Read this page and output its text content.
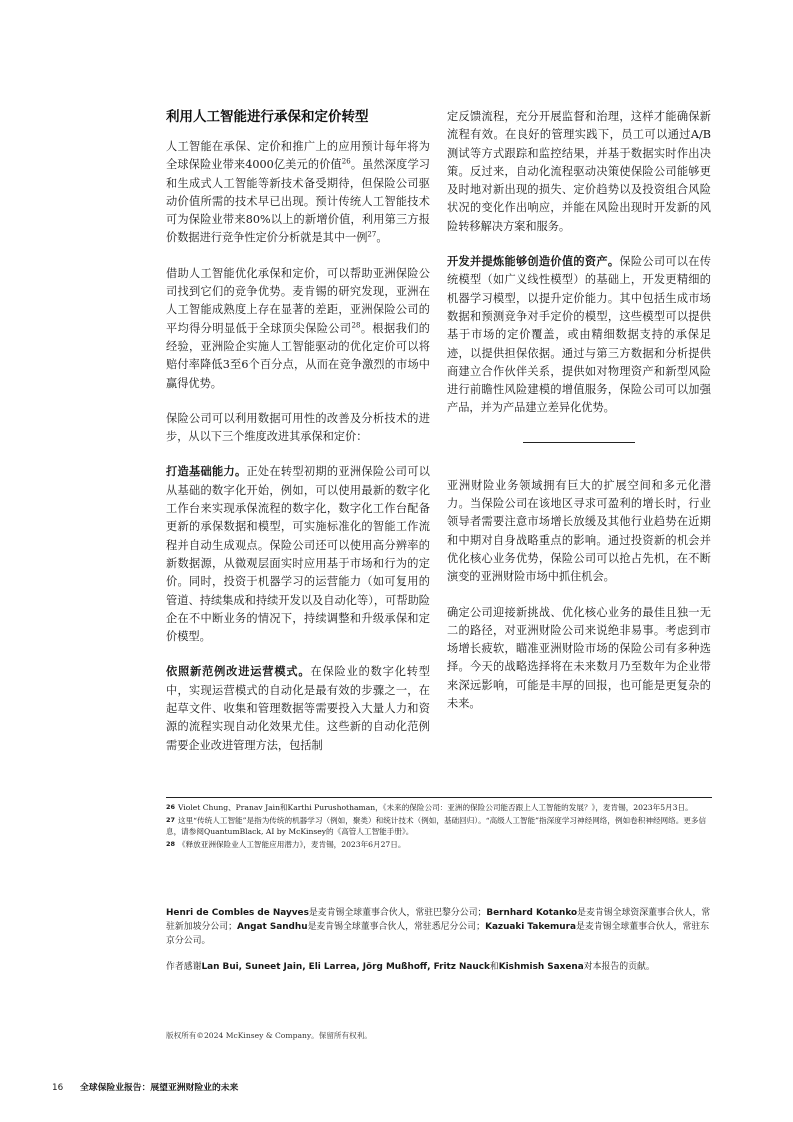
利用人工智能进行承保和定价转型

人工智能在承保、定价和推广上的应用预计每年将为全球保险业带来4000亿美元的价值$^{26}$。虽然深度学习和生成式人工智能等新技术备受期待，但保险公司驱动价值所需的技术早已出现。预计传统人工智能技术可为保险业带来80%以上的新增价值，利用第三方报价数据进行竞争性定价分析就是其中一例$^{27}$。

借助人工智能优化承保和定价，可以帮助亚洲保险公司找到它们的竞争优势。麦肯锡的研究发现，亚洲在人工智能成熟度上存在显著的差距，亚洲保险公司的平均得分明显低于全球顶尖保险公司$^{28}$。根据我们的经验，亚洲险企实施人工智能驱动的优化定价可以将赔付率降低3至6个百分点，从而在竞争激烈的市场中赢得优势。

保险公司可以利用数据可用性的改善及分析技术的进步，从以下三个维度改进其承保和定价：

打造基础能力。正处在转型初期的亚洲保险公司可以从基础的数字化开始，例如，可以使用最新的数字化工作台来实现承保流程的数字化，数字化工作台配备更新的承保数据和模型，可实施标准化的智能工作流程并自动生成观点。保险公司还可以使用高分辨率的新数据源，从微观层面实时应用基于市场和行为的定价。同时，投资于机器学习的运营能力（如可复用的管道、持续集成和持续开发以及自动化等），可帮助险企在不中断业务的情况下，持续调整和升级承保和定价模型。

依照新范例改进运营模式。在保险业的数字化转型中，实现运营模式的自动化是最有效的步骤之一，在起草文件、收集和管理数据等需要投入大量人力和资源的流程实现自动化效果尤佳。这些新的自动化范例需要企业改进管理方法，包括制

定反馈流程，充分开展监督和治理，这样才能确保新流程有效。在良好的管理实践下，员工可以通过A/B测试等方式跟踪和监控结果，并基于数据实时作出决策。反过来，自动化流程驱动决策使保险公司能够更及时地对新出现的损失、定价趋势以及投资组合风险状况的变化作出响应，并能在风险出现时开发新的风险转移解决方案和服务。

开发并提炼能够创造价值的资产。保险公司可以在传统模型（如广义线性模型）的基础上，开发更精细的机器学习模型，以提升定价能力。其中包括生成市场数据和预测竞争对手定价的模型，这些模型可以提供基于市场的定价覆盖，或由精细数据支持的承保足迹，以提供担保依据。通过与第三方数据和分析提供商建立合作伙伴关系，提供如对物理资产和新型风险进行前瞻性风险建模的增值服务，保险公司可以加强产品，并为产品建立差异化优势。

亚洲财险业务领域拥有巨大的扩展空间和多元化潜力。当保险公司在该地区寻求可盈利的增长时，行业领导者需要注意市场增长放缓及其他行业趋势在近期和中期对自身战略重点的影响。通过投资新的机会并优化核心业务优势，保险公司可以抢占先机，在不断演变的亚洲财险市场中抓住机会。

确定公司迎接新挑战、优化核心业务的最佳且独一无二的路径，对亚洲财险公司来说绝非易事。考虑到市场增长疲软，瞄准亚洲财险市场的保险公司有多种选择。今天的战略选择将在未来数月乃至数年为企业带来深远影响，可能是丰厚的回报，也可能是更复杂的未来。

26 Violet Chung、Pranav Jain和Karthi Purushothaman，《未来的保险公司：亚洲的保险公司能否跟上人工智能的发展？》，麦肯锡，2023年5月3日。

27 这里“传统人工智能”是指为传统的机器学习（例如，聚类）和统计技术（例如，基础回归）。“高级人工智能”指深度学习神经网络，例如卷积神经网络。更多信息，请参阅QuantumBlack, AI by McKinsey的《高管人工智能手册》。

28 《释放亚洲保险业人工智能应用潜力》，麦肯锡，2023年6月27日。

Henri de Combles de Nayves是麦肯锡全球董事合伙人，常驻巴黎分公司；Bernhard Kotanko是麦肯锡全球资深董事合伙人，常驻新加坡分公司；Angat Sandhu是麦肯锡全球董事合伙人，常驻悉尼分公司；Kazuaki Takemura是麦肯锡全球董事合伙人，常驻东京分公司。

作者感谢Lan Bui, Suneet Jain, Eli Larrea, Jörg Mußhoff, Fritz Nauck和Kishmish Saxena对本报告的贡献。

版权所有©2024 McKinsey & Company。保留所有权利。
16 全球保险业报告：展望亚洲财险业的未来
